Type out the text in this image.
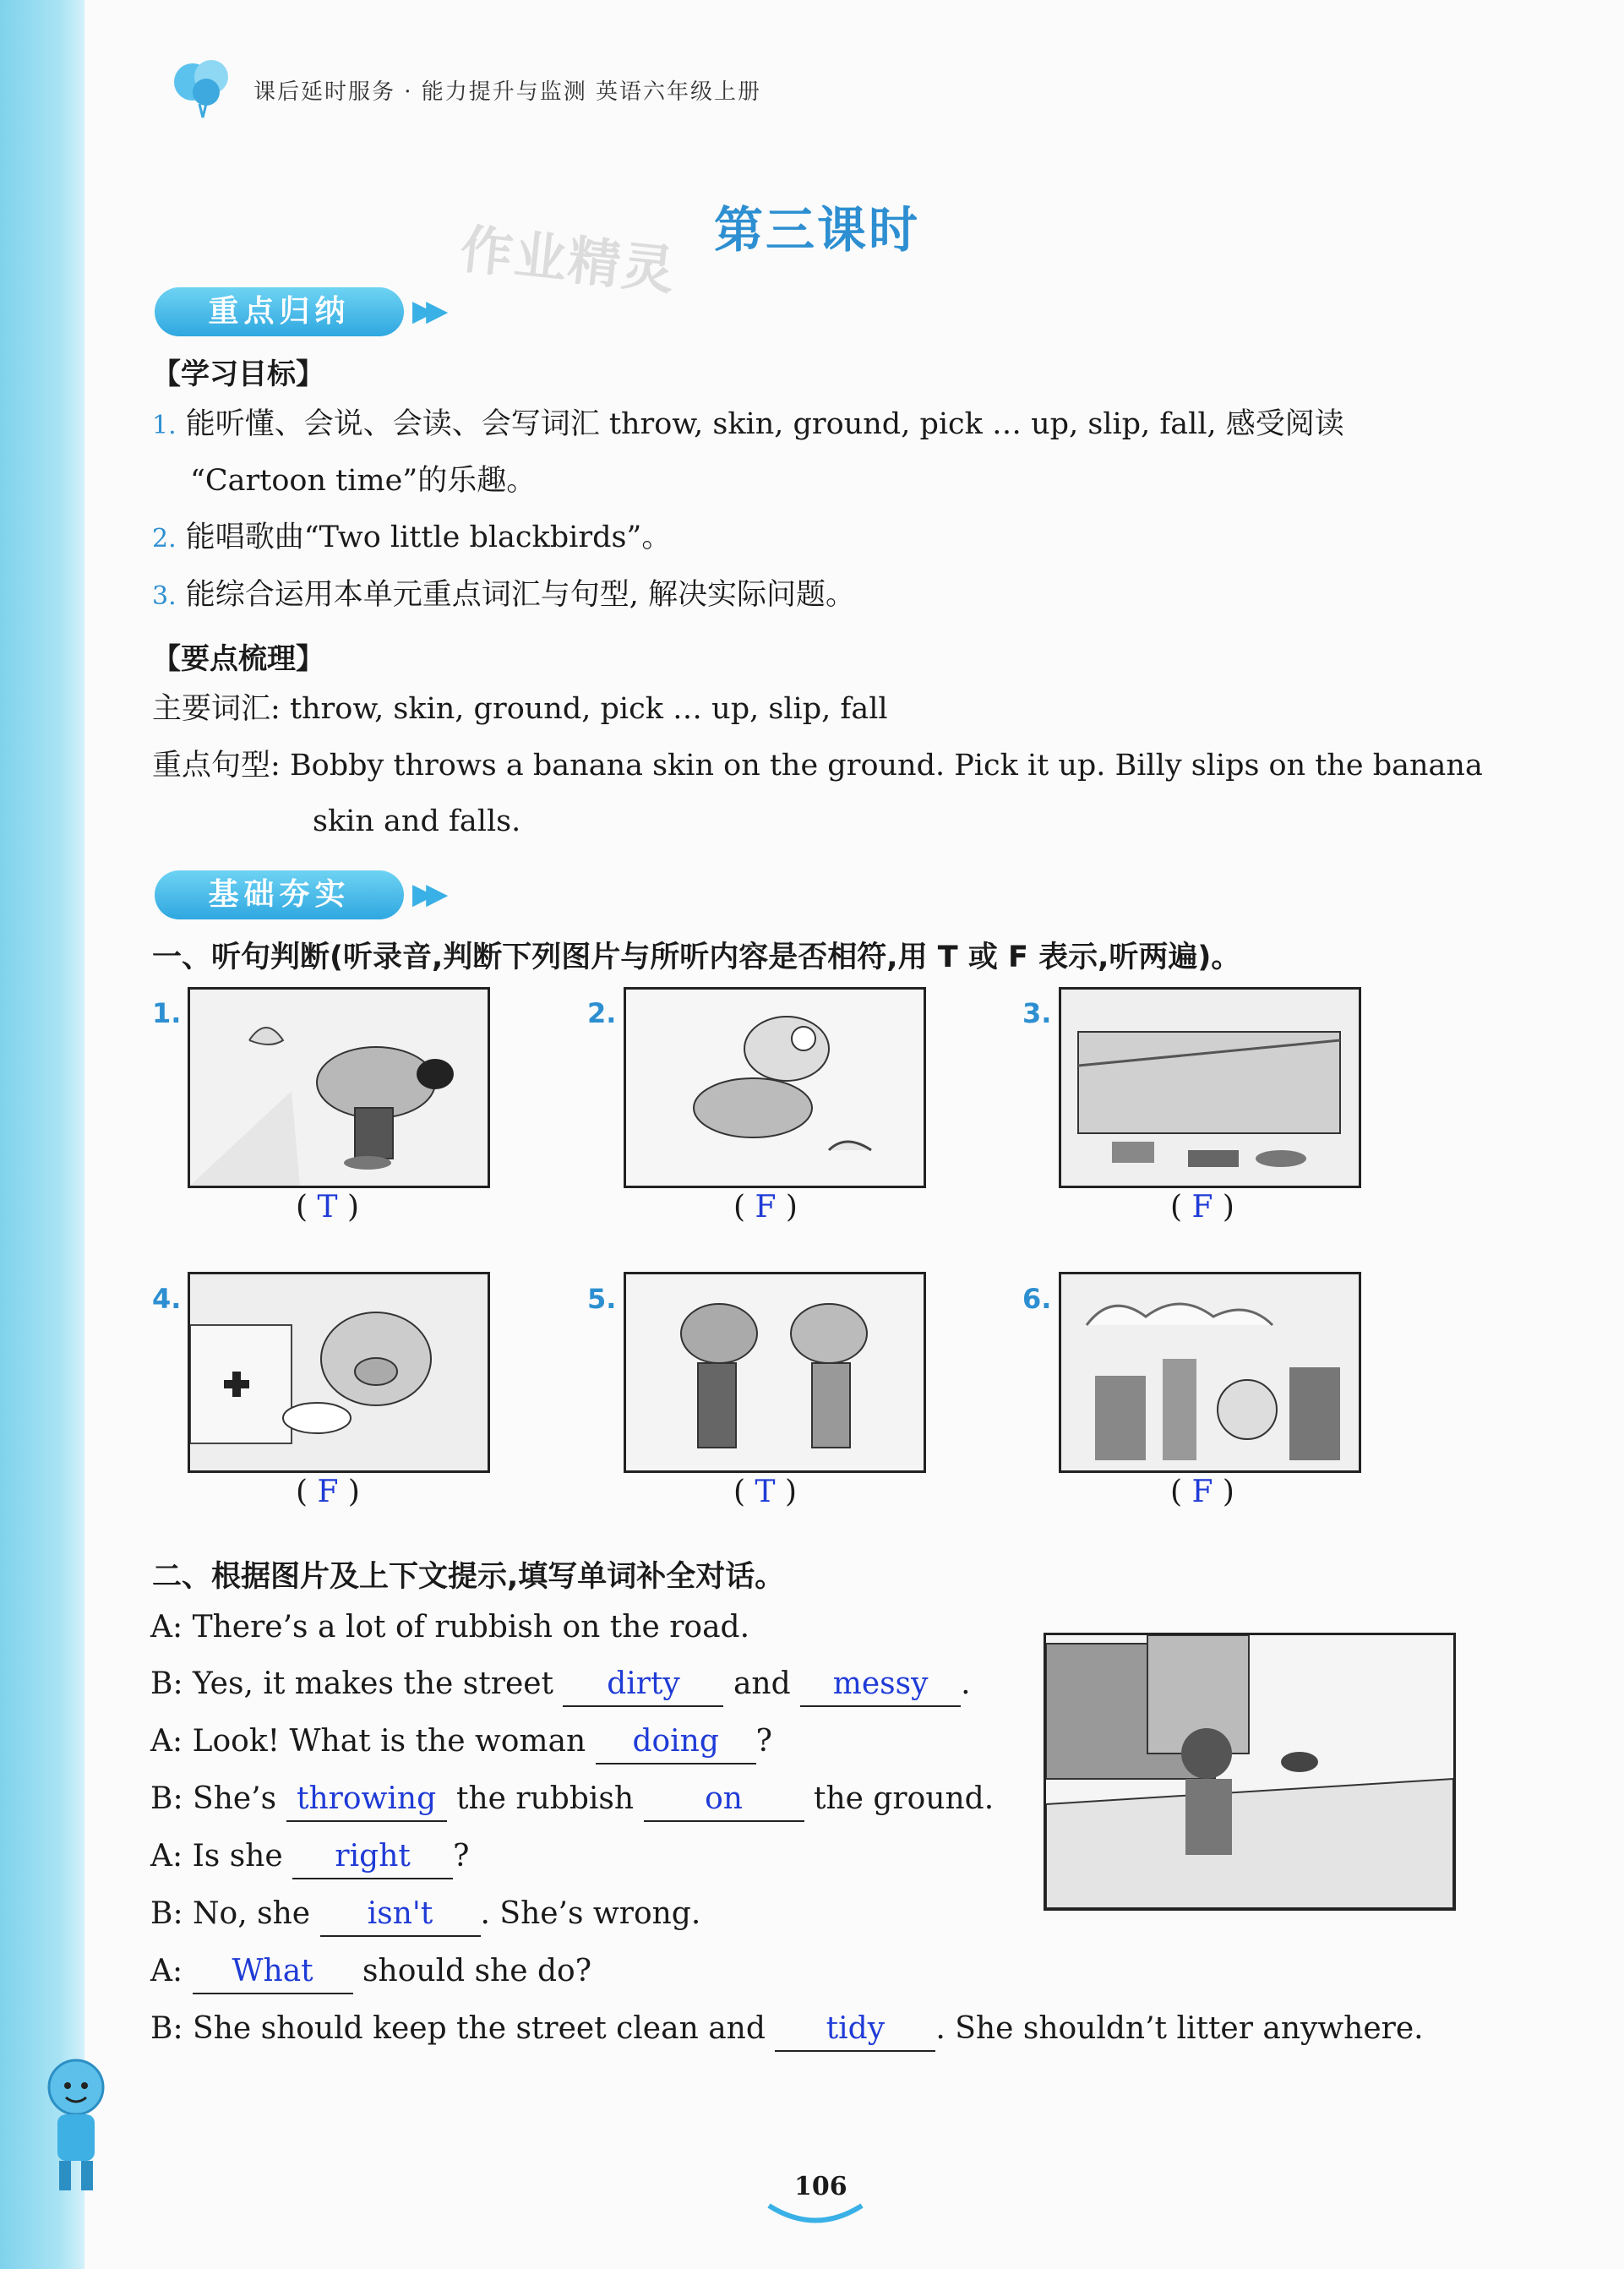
课后延时服务 · 能力提升与监测 英语六年级上册
第三课时
作业精灵
重点归纳	▶▶
【学习目标】
1. 能听懂、会说、会读、会写词汇 throw, skin, ground, pick … up, slip, fall, 感受阅读
“Cartoon time”的乐趣。
2. 能唱歌曲“Two little blackbirds”。
3. 能综合运用本单元重点词汇与句型, 解决实际问题。
【要点梳理】
主要词汇: throw, skin, ground, pick … up, slip, fall
重点句型: Bobby throws a banana skin on the ground. Pick it up. Billy slips on the banana
skin and falls.
基础夯实	▶▶
一、听句判断(听录音,判断下列图片与所听内容是否相符,用 T 或 F 表示,听两遍)。
1.
( T )
2.
( F )
3.
( F )
4.
( F )
5.
( T )
6.
( F )
二、根据图片及上下文提示,填写单词补全对话。
A: There’s a lot of rubbish on the road.
B: Yes, it makes the street dirty and messy .
A: Look! What is the woman doing ?
B: She’s throwing the rubbish on the ground.
A: Is she right ?
B: No, she isn't . She’s wrong.
A: What should she do?
B: She should keep the street clean and tidy . She shouldn’t litter anywhere.
106
